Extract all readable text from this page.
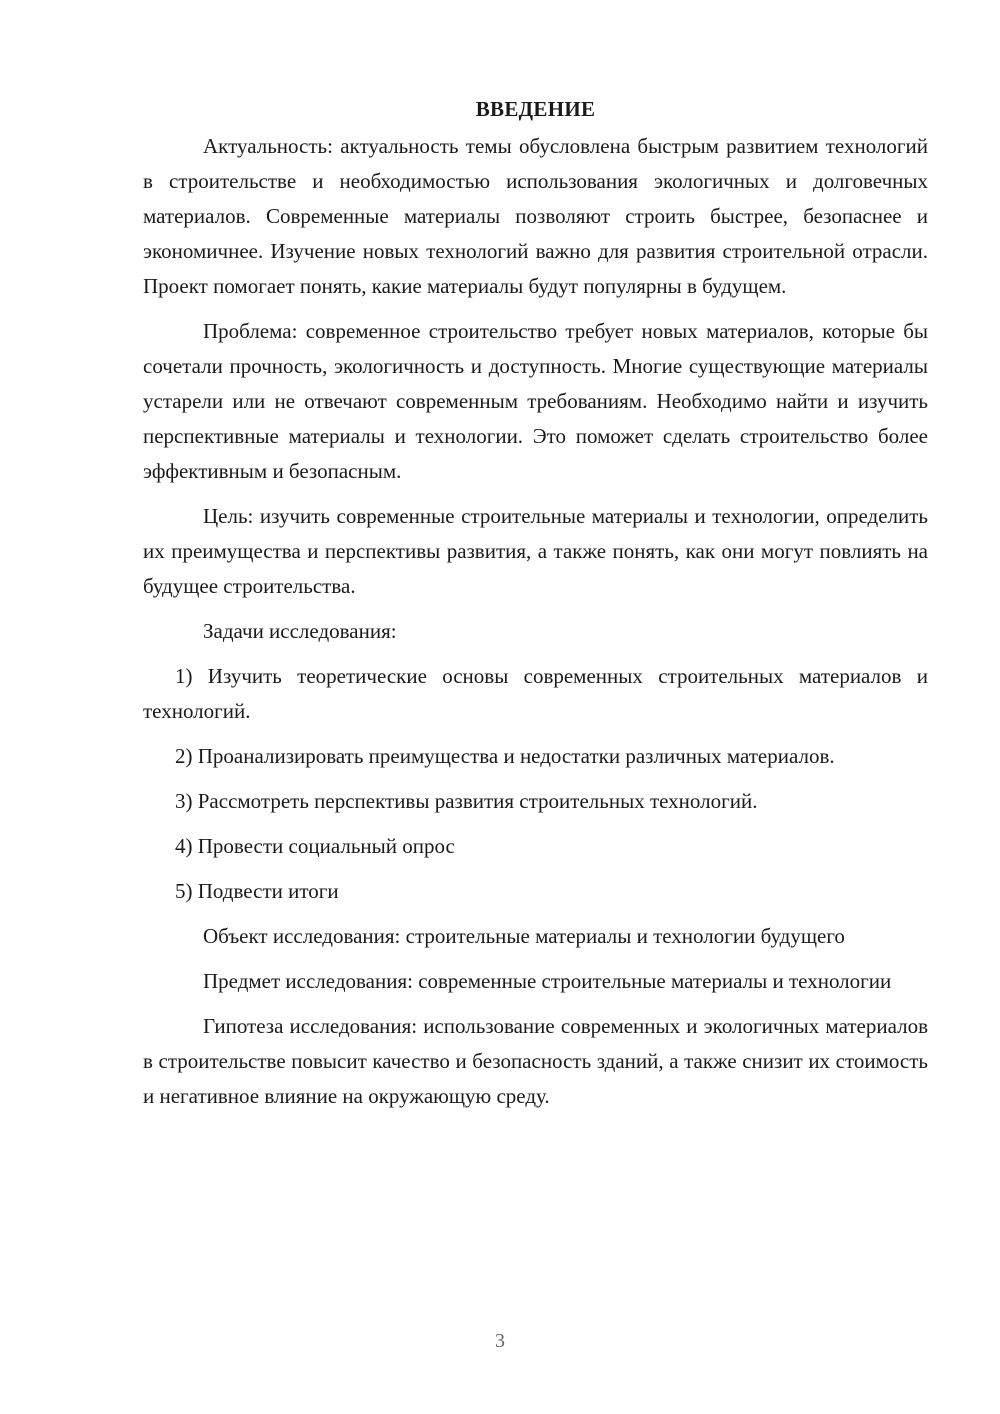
ВВЕДЕНИЕ

Актуальность: актуальность темы обусловлена быстрым развитием технологий в строительстве и необходимостью использования экологичных и долговечных материалов. Современные материалы позволяют строить быстрее, безопаснее и экономичнее. Изучение новых технологий важно для развития строительной отрасли. Проект помогает понять, какие материалы будут популярны в будущем.

Проблема: современное строительство требует новых материалов, которые бы сочетали прочность, экологичность и доступность. Многие существующие материалы устарели или не отвечают современным требованиям. Необходимо найти и изучить перспективные материалы и технологии. Это поможет сделать строительство более эффективным и безопасным.

Цель: изучить современные строительные материалы и технологии, определить их преимущества и перспективы развития, а также понять, как они могут повлиять на будущее строительства.

Задачи исследования:

1) Изучить теоретические основы современных строительных материалов и технологий.

2) Проанализировать преимущества и недостатки различных материалов.

3) Рассмотреть перспективы развития строительных технологий.

4) Провести социальный опрос

5) Подвести итоги

Объект исследования: строительные материалы и технологии будущего

Предмет исследования: современные строительные материалы и технологии

Гипотеза исследования: использование современных и экологичных материалов в строительстве повысит качество и безопасность зданий, а также снизит их стоимость и негативное влияние на окружающую среду.

3
